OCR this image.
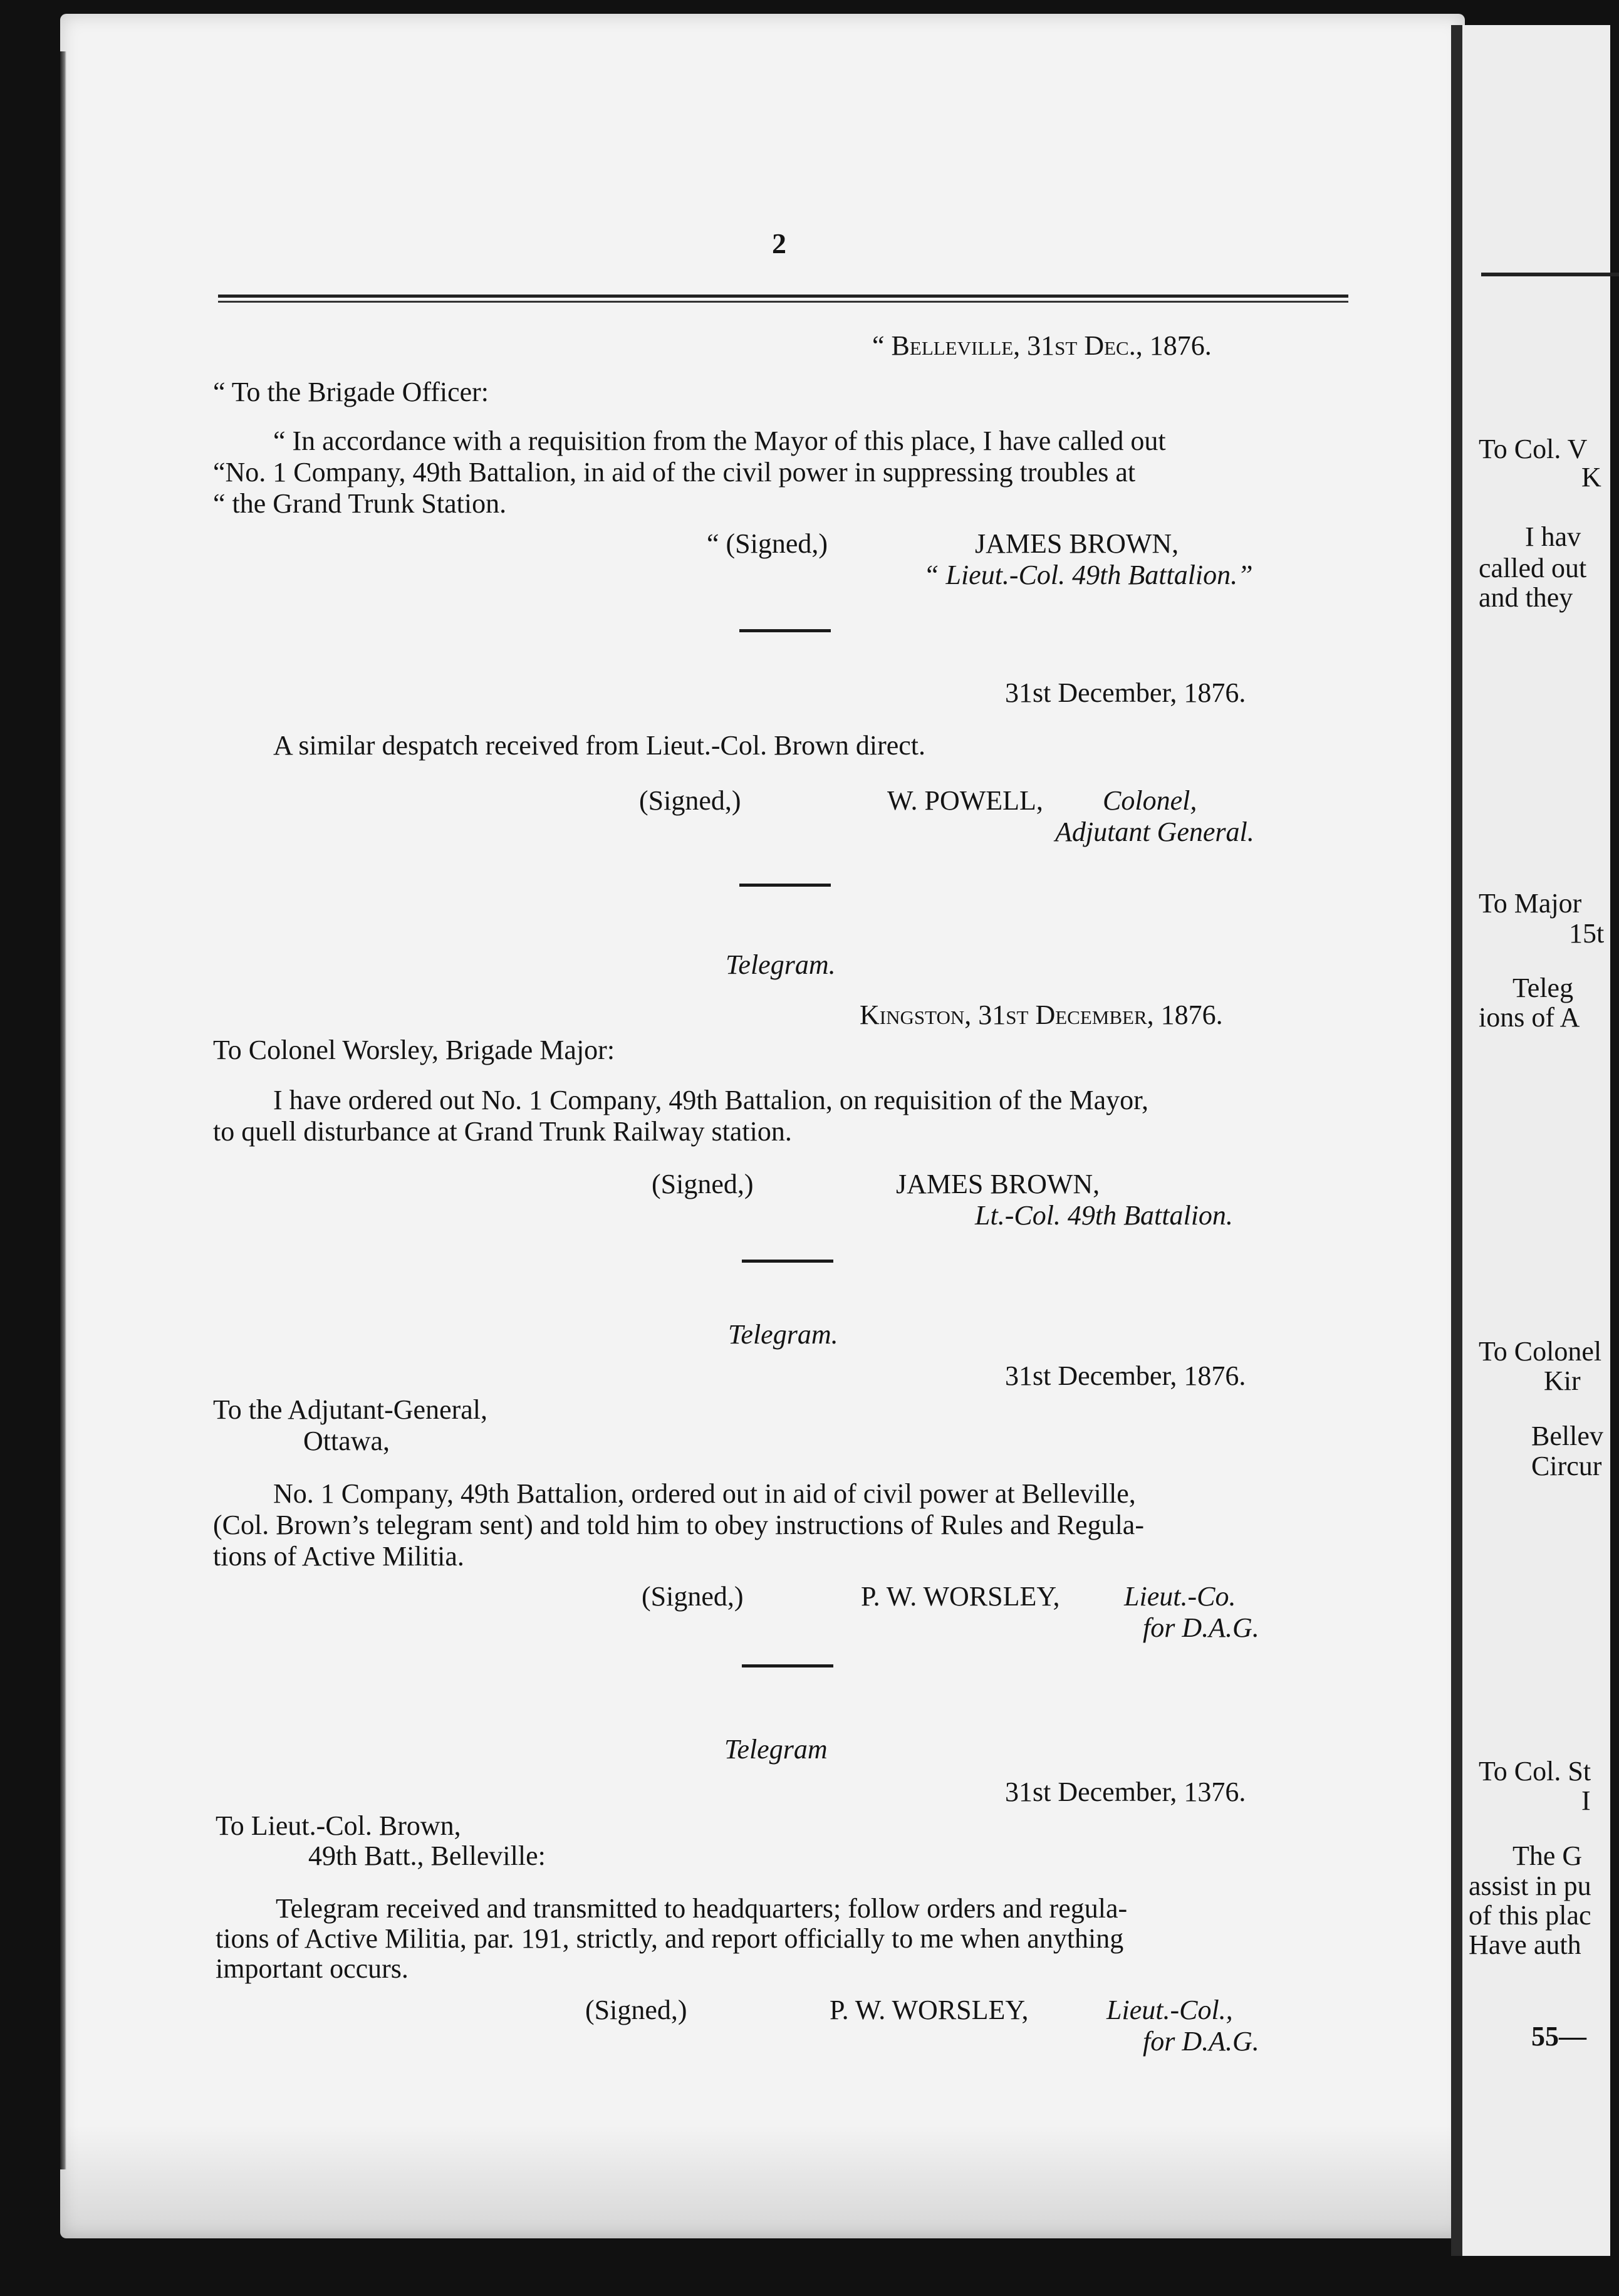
To Col. V
K
I hav
called out
and they
To Major
15t
Teleg
ions of A
To Colonel
Kir
Bellev
Circur
To Col. St
I
The G
assist in pu
of this plac
Have auth
55—
2
“ Belleville, 31st Dec., 1876.
“ To the Brigade Officer:
“ In accordance with a requisition from the Mayor of this place, I have called out
“No. 1 Company, 49th Battalion, in aid of the civil power in suppressing troubles at
“ the Grand Trunk Station.
“ (Signed,)	JAMES BROWN,
“ Lieut.-Col. 49th Battalion.”
31st December, 1876.
A similar despatch received from Lieut.-Col. Brown direct.
(Signed,)	W. POWELL, Colonel,
Adjutant General.
Telegram.
Kingston, 31st December, 1876.
To Colonel Worsley, Brigade Major:
I have ordered out No. 1 Company, 49th Battalion, on requisition of the Mayor,
to quell disturbance at Grand Trunk Railway station.
(Signed,)	JAMES BROWN,
Lt.-Col. 49th Battalion.
Telegram.
31st December, 1876.
To the Adjutant-General,
Ottawa,
No. 1 Company, 49th Battalion, ordered out in aid of civil power at Belleville,
(Col. Brown’s telegram sent) and told him to obey instructions of Rules and Regula-
tions of Active Militia.
(Signed,)	P. W. WORSLEY, Lieut.-Co.
for D.A.G.
Telegram
31st December, 1376.
To Lieut.-Col. Brown,
49th Batt., Belleville:
Telegram received and transmitted to headquarters; follow orders and regula-
tions of Active Militia, par. 191, strictly, and report officially to me when anything
important occurs.
(Signed,)	P. W. WORSLEY,	Lieut.-Col.,
for D.A.G.
